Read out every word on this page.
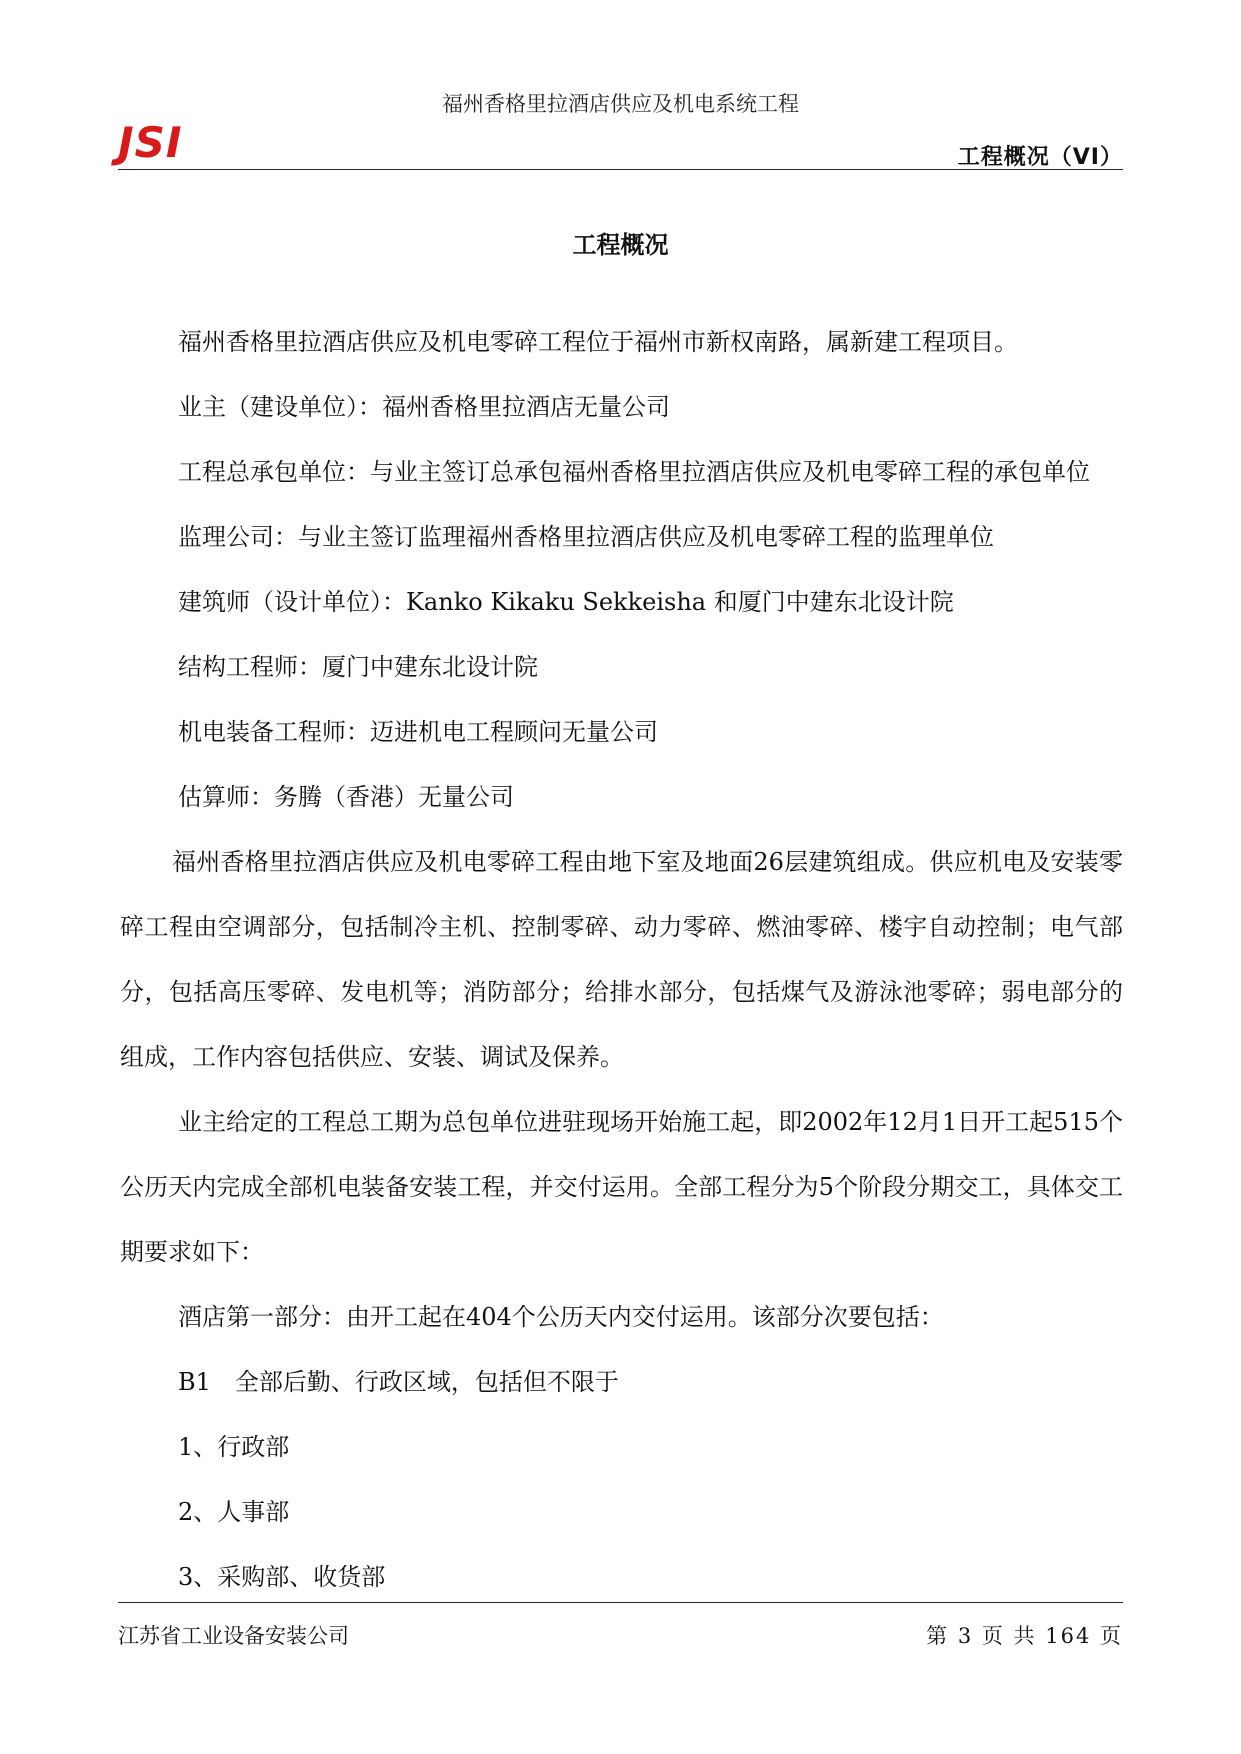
福州香格里拉酒店供应及机电系统工程
JSI	工程概况（VI）
工程概况

福州香格里拉酒店供应及机电零碎工程位于福州市新权南路，属新建工程项目。

业主（建设单位）：福州香格里拉酒店无量公司

工程总承包单位：与业主签订总承包福州香格里拉酒店供应及机电零碎工程的承包单位

监理公司：与业主签订监理福州香格里拉酒店供应及机电零碎工程的监理单位

建筑师（设计单位）：Kanko Kikaku Sekkeisha 和厦门中建东北设计院

结构工程师：厦门中建东北设计院

机电装备工程师：迈进机电工程顾问无量公司

估算师：务腾（香港）无量公司

福州香格里拉酒店供应及机电零碎工程由地下室及地面26层建筑组成。供应机电及安装零碎工程由空调部分，包括制冷主机、控制零碎、动力零碎、燃油零碎、楼宇自动控制；电气部分，包括高压零碎、发电机等；消防部分；给排水部分，包括煤气及游泳池零碎；弱电部分的组成，工作内容包括供应、安装、调试及保养。

业主给定的工程总工期为总包单位进驻现场开始施工起，即2002年12月1日开工起515个公历天内完成全部机电装备安装工程，并交付运用。全部工程分为5个阶段分期交工，具体交工期要求如下：

酒店第一部分：由开工起在404个公历天内交付运用。该部分次要包括：

B1　全部后勤、行政区域，包括但不限于

1、行政部

2、人事部

3、采购部、收货部

江苏省工业设备安装公司	第 3 页 共 164 页
